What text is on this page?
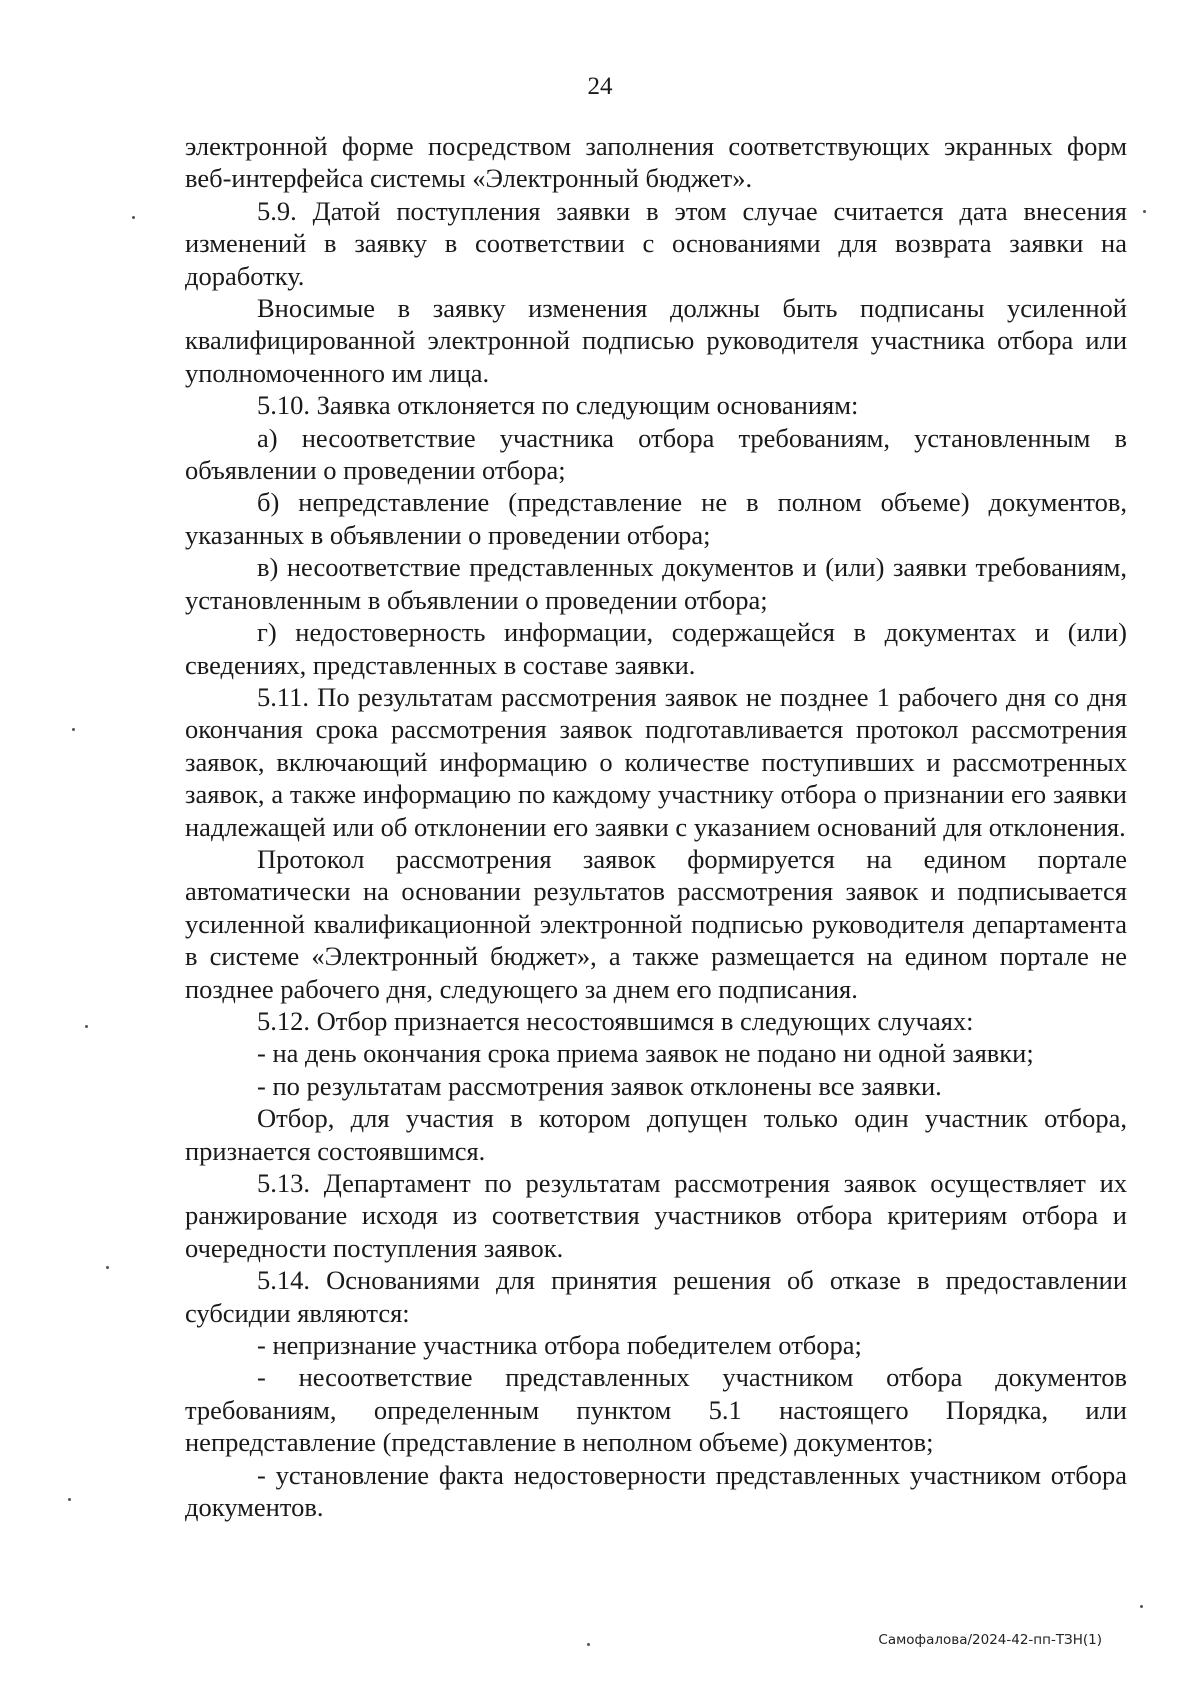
24

электронной форме посредством заполнения соответствующих экранных форм веб-интерфейса системы «Электронный бюджет».

5.9. Датой поступления заявки в этом случае считается дата внесения изменений в заявку в соответствии с основаниями для возврата заявки на доработку.

Вносимые в заявку изменения должны быть подписаны усиленной квалифицированной электронной подписью руководителя участника отбора или уполномоченного им лица.

5.10. Заявка отклоняется по следующим основаниям:

а) несоответствие участника отбора требованиям, установленным в объявлении о проведении отбора;

б) непредставление (представление не в полном объеме) документов, указанных в объявлении о проведении отбора;

в) несоответствие представленных документов и (или) заявки требованиям, установленным в объявлении о проведении отбора;

г) недостоверность информации, содержащейся в документах и (или) сведениях, представленных в составе заявки.

5.11. По результатам рассмотрения заявок не позднее 1 рабочего дня со дня окончания срока рассмотрения заявок подготавливается протокол рассмотрения заявок, включающий информацию о количестве поступивших и рассмотренных заявок, а также информацию по каждому участнику отбора о признании его заявки надлежащей или об отклонении его заявки с указанием оснований для отклонения.

Протокол рассмотрения заявок формируется на едином портале автоматически на основании результатов рассмотрения заявок и подписывается усиленной квалификационной электронной подписью руководителя департамента в системе «Электронный бюджет», а также размещается на едином портале не позднее рабочего дня, следующего за днем его подписания.

5.12. Отбор признается несостоявшимся в следующих случаях:

- на день окончания срока приема заявок не подано ни одной заявки;

- по результатам рассмотрения заявок отклонены все заявки.

Отбор, для участия в котором допущен только один участник отбора, признается состоявшимся.

5.13. Департамент по результатам рассмотрения заявок осуществляет их ранжирование исходя из соответствия участников отбора критериям отбора и очередности поступления заявок.

5.14. Основаниями для принятия решения об отказе в предоставлении субсидии являются:

- непризнание участника отбора победителем отбора;

- несоответствие представленных участником отбора документов требованиям, определенным пунктом 5.1 настоящего Порядка, или непредставление (представление в неполном объеме) документов;

- установление факта недостоверности представленных участником отбора документов.

Самофалова/2024-42-пп-ТЗН(1)
